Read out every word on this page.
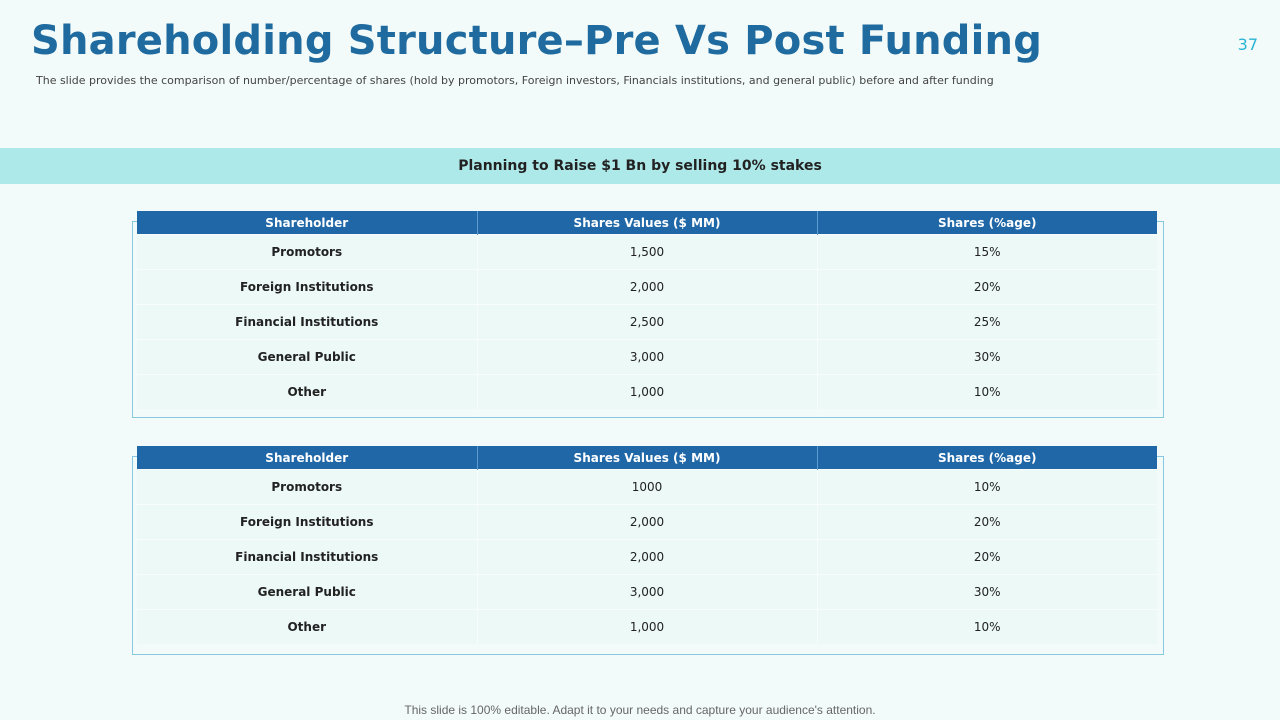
Shareholding Structure–Pre Vs Post Funding	37
The slide provides the comparison of number/percentage of shares (hold by promotors, Foreign investors, Financials institutions, and general public) before and after funding
Planning to Raise $1 Bn by selling 10% stakes
Shareholder	Shares Values ($ MM)	Shares (%age)
Promotors	1,500	15%
Foreign Institutions	2,000	20%
Financial Institutions	2,500	25%
General Public	3,000	30%
Other	1,000	10%
Shareholder	Shares Values ($ MM)	Shares (%age)
Promotors	1000	10%
Foreign Institutions	2,000	20%
Financial Institutions	2,000	20%
General Public	3,000	30%
Other	1,000	10%
This slide is 100% editable. Adapt it to your needs and capture your audience's attention.
